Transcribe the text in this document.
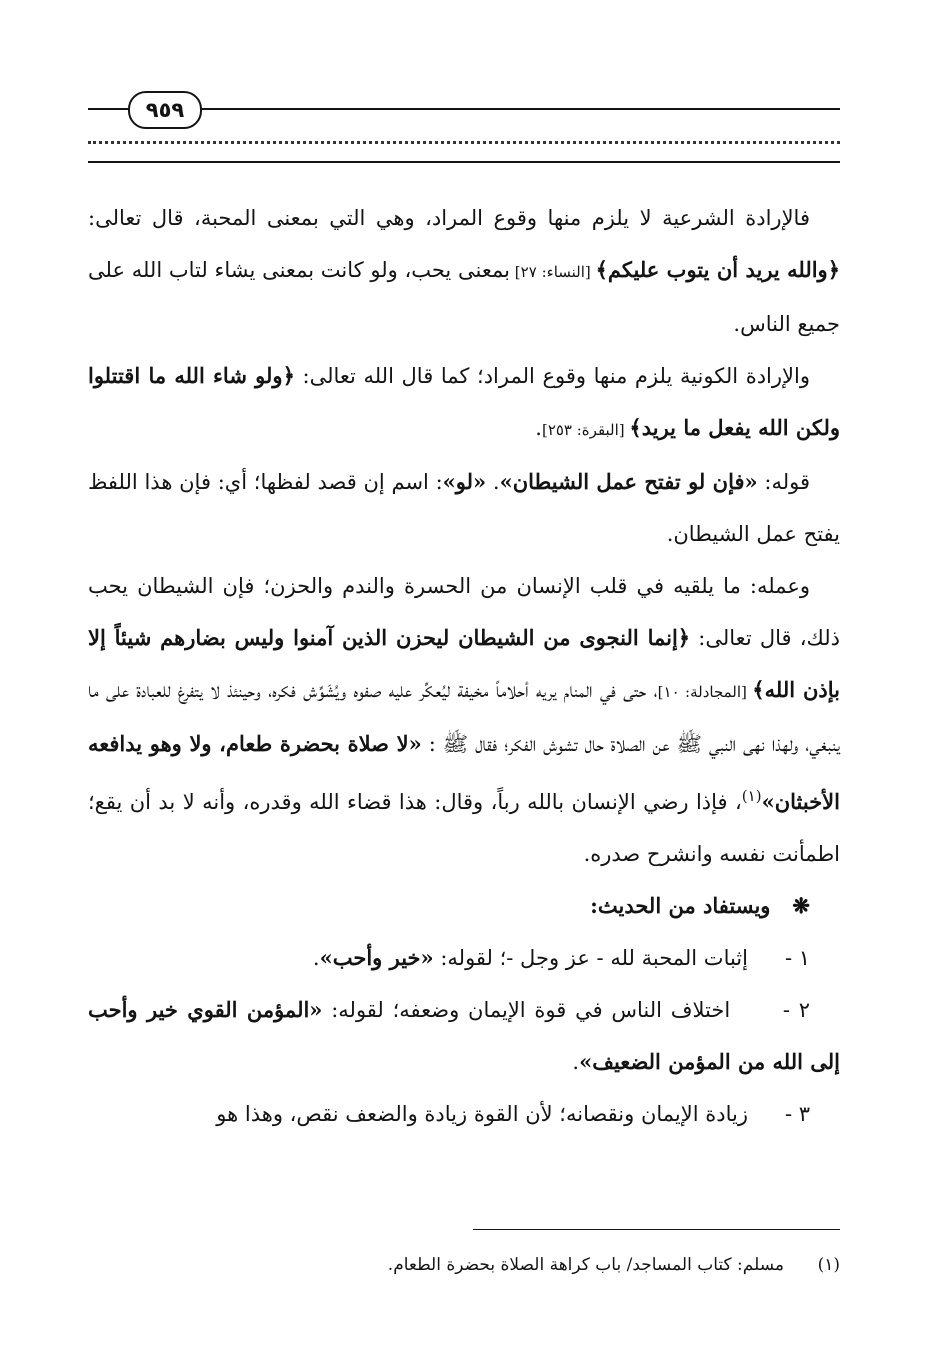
٩٥٩

فالإرادة الشرعية لا يلزم منها وقوع المراد، وهي التي بمعنى المحبة، قال تعالى: ﴿والله يريد أن يتوب عليكم﴾ [النساء: ٢٧] بمعنى يحب، ولو كانت بمعنى يشاء لتاب الله على جميع الناس.

والإرادة الكونية يلزم منها وقوع المراد؛ كما قال الله تعالى: ﴿ولو شاء الله ما اقتتلوا ولكن الله يفعل ما يريد﴾ [البقرة: ٢٥٣].

قوله: «فإن لو تفتح عمل الشيطان». «لو»: اسم إن قصد لفظها؛ أي: فإن هذا اللفظ يفتح عمل الشيطان.

وعمله: ما يلقيه في قلب الإنسان من الحسرة والندم والحزن؛ فإن الشيطان يحب ذلك، قال تعالى: ﴿إنما النجوى من الشيطان ليحزن الذين آمنوا وليس بضارهم شيئاً إلا بإذن الله﴾ [المجادلة: ١٠]، حتى في المنام يريه أحلاماً مخيفة ليُعكِّر عليه صفوه ويُشَوِّش فكره، وحينئذ لا يتفرغ للعبادة على ما ينبغي، ولهذا نهى النبي ﷺ عن الصلاة حال تشوش الفكر؛ فقال ﷺ : «لا صلاة بحضرة طعام، ولا وهو يدافعه الأخبثان»$^{(١)}$، فإذا رضي الإنسان بالله رباً، وقال: هذا قضاء الله وقدره، وأنه لا بد أن يقع؛ اطمأنت نفسه وانشرح صدره.

❋   ويستفاد من الحديث:

١ -
إثبات المحبة لله - عز وجل -؛ لقوله: «خير وأحب».

٢ -      اختلاف الناس في قوة الإيمان وضعفه؛ لقوله: «المؤمن القوي خير وأحب إلى الله من المؤمن الضعيف».

٣ -
زيادة الإيمان ونقصانه؛ لأن القوة زيادة والضعف نقص، وهذا هو
(١)مسلم: كتاب المساجد/ باب كراهة الصلاة بحضرة الطعام.
